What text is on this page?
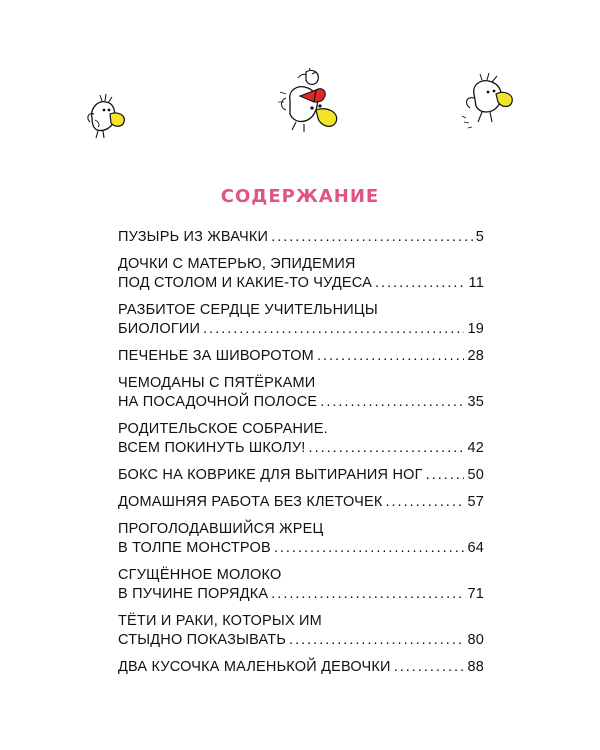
СОДЕРЖАНИЕ
ПУЗЫРЬ ИЗ ЖВАЧКИ .....	5
ДОЧКИ С МАТЕРЬЮ, ЭПИДЕМИЯ
ПОД СТОЛОМ И КАКИЕ-ТО ЧУДЕСА .....	11
РАЗБИТОЕ СЕРДЦЕ УЧИТЕЛЬНИЦЫ
БИОЛОГИИ .....	19
ПЕЧЕНЬЕ ЗА ШИВОРОТОМ .....	28
ЧЕМОДАНЫ С ПЯТЁРКАМИ
НА ПОСАДОЧНОЙ ПОЛОСЕ .....	35
РОДИТЕЛЬСКОЕ СОБРАНИЕ.
ВСЕМ ПОКИНУТЬ ШКОЛУ! .....	42
БОКС НА КОВРИКЕ ДЛЯ ВЫТИРАНИЯ НОГ .....	50
ДОМАШНЯЯ РАБОТА БЕЗ КЛЕТОЧЕК .....	57
ПРОГОЛОДАВШИЙСЯ ЖРЕЦ
В ТОЛПЕ МОНСТРОВ .....	64
СГУЩЁННОЕ МОЛОКО
В ПУЧИНЕ ПОРЯДКА .....	71
ТЁТИ И РАКИ, КОТОРЫХ ИМ
СТЫДНО ПОКАЗЫВАТЬ .....	80
ДВА КУСОЧКА МАЛЕНЬКОЙ ДЕВОЧКИ .....	88
